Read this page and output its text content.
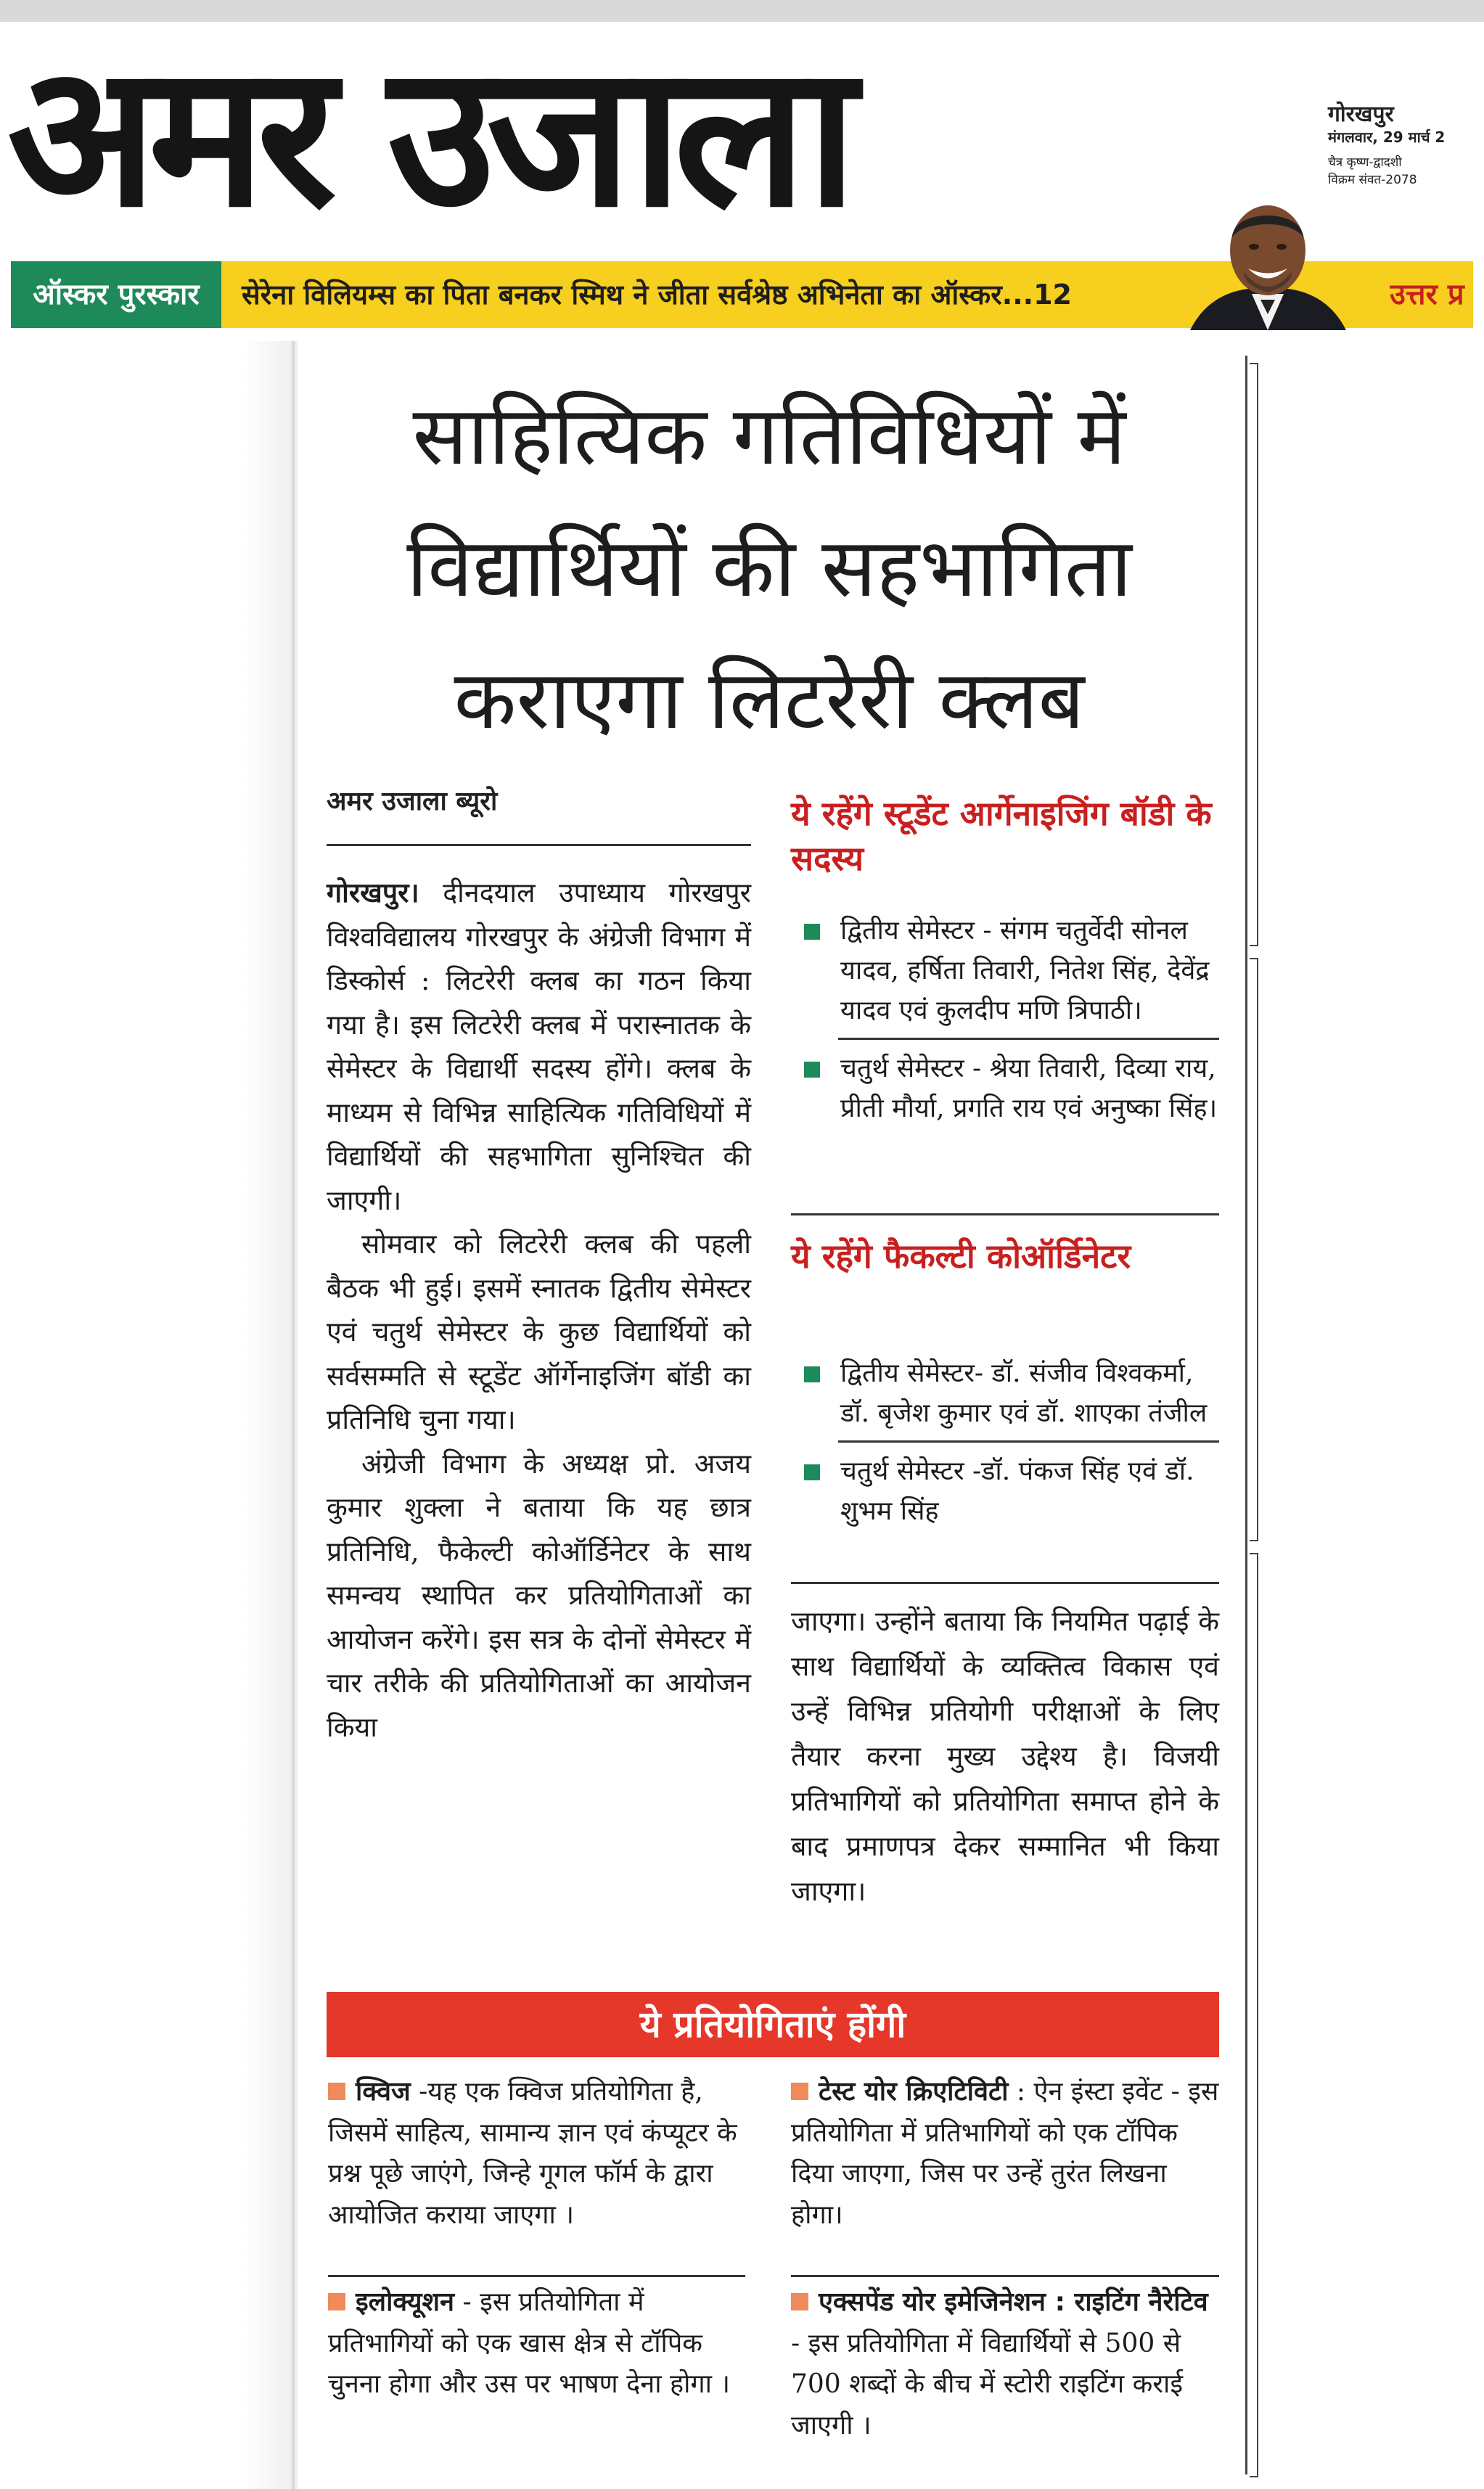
अमर उजाला	गोरखपुर
मंगलवार, 29 मार्च 2
चैत्र कृष्ण-द्वादशी
विक्रम संवत-2078
ऑस्कर पुरस्कार	सेरेना विलियम्स का पिता बनकर स्मिथ ने जीता सर्वश्रेष्ठ अभिनेता का ऑस्कर...12	उत्तर प्र
साहित्यिक गतिविधियों में
विद्यार्थियों की सहभागिता
कराएगा लिटरेरी क्लब
अमर उजाला ब्यूरो

गोरखपुर। दीनदयाल उपाध्याय गोरखपुर विश्वविद्यालय गोरखपुर के अंग्रेजी विभाग में डिस्कोर्स : लिटरेरी क्लब का गठन किया गया है। इस लिटरेरी क्लब में परास्नातक के सेमेस्टर के विद्यार्थी सदस्य होंगे। क्लब के माध्यम से विभिन्न साहित्यिक गतिविधियों में विद्यार्थियों की सहभागिता सुनिश्चित की जाएगी।

सोमवार को लिटरेरी क्लब की पहली बैठक भी हुई। इसमें स्नातक द्वितीय सेमेस्टर एवं चतुर्थ सेमेस्टर के कुछ विद्यार्थियों को सर्वसम्मति से स्टूडेंट ऑर्गेनाइजिंग बॉडी का प्रतिनिधि चुना गया।

अंग्रेजी विभाग के अध्यक्ष प्रो. अजय कुमार शुक्ला ने बताया कि यह छात्र प्रतिनिधि, फैकेल्टी कोऑर्डिनेटर के साथ समन्वय स्थापित कर प्रतियोगिताओं का आयोजन करेंगे। इस सत्र के दोनों सेमेस्टर में चार तरीके की प्रतियोगिताओं का आयोजन किया

ये रहेंगे स्टूडेंट आर्गेनाइजिंग बॉडी के सदस्य
द्वितीय सेमेस्टर - संगम चतुर्वेदी सोनल यादव, हर्षिता तिवारी, नितेश सिंह, देवेंद्र यादव एवं कुलदीप मणि त्रिपाठी।
चतुर्थ सेमेस्टर - श्रेया तिवारी, दिव्या राय, प्रीती मौर्या, प्रगति राय एवं अनुष्का सिंह।
ये रहेंगे फैकल्टी कोऑर्डिनेटर
द्वितीय सेमेस्टर- डॉ. संजीव विश्वकर्मा, डॉ. बृजेश कुमार एवं डॉ. शाएका तंजील
चतुर्थ सेमेस्टर -डॉ. पंकज सिंह एवं डॉ. शुभम सिंह
जाएगा। उन्होंने बताया कि नियमित पढ़ाई के साथ विद्यार्थियों के व्यक्तित्व विकास एवं उन्हें विभिन्न प्रतियोगी परीक्षाओं के लिए तैयार करना मुख्य उद्देश्य है। विजयी प्रतिभागियों को प्रतियोगिता समाप्त होने के बाद प्रमाणपत्र देकर सम्मानित भी किया जाएगा।
ये प्रतियोगिताएं होंगी
क्विज -यह एक क्विज प्रतियोगिता है, जिसमें साहित्य, सामान्य ज्ञान एवं कंप्यूटर के प्रश्न पूछे जाएंगे, जिन्हे गूगल फॉर्म के द्वारा आयोजित कराया जाएगा ।
टेस्ट योर क्रिएटिविटी : ऐन इंस्टा इवेंट - इस प्रतियोगिता में प्रतिभागियों को एक टॉपिक दिया जाएगा, जिस पर उन्हें तुरंत लिखना होगा।
इलोक्यूशन - इस प्रतियोगिता में प्रतिभागियों को एक खास क्षेत्र से टॉपिक चुनना होगा और उस पर भाषण देना होगा ।
एक्सपेंड योर इमेजिनेशन : राइटिंग नैरेटिव - इस प्रतियोगिता में विद्यार्थियों से 500 से 700 शब्दों के बीच में स्टोरी राइटिंग कराई जाएगी ।
